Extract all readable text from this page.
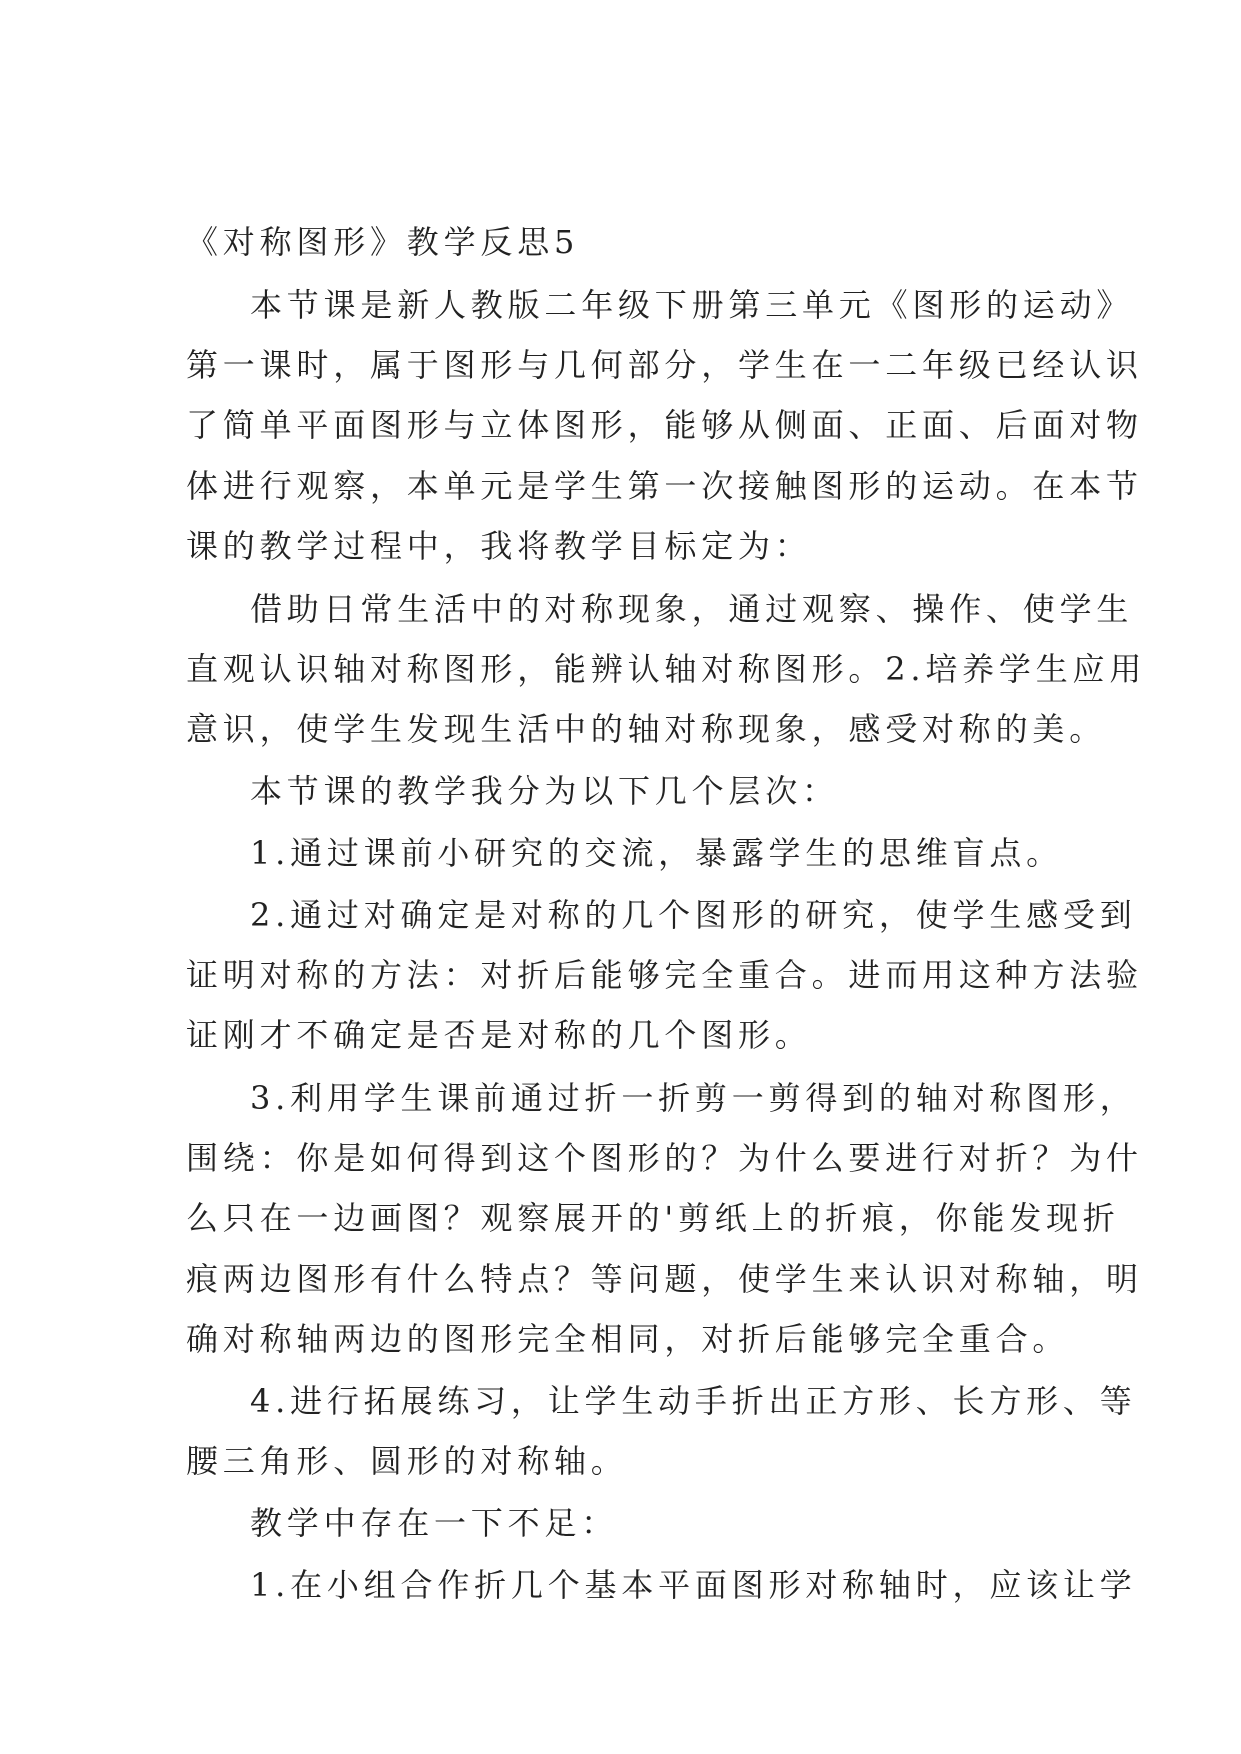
《对称图形》教学反思5
本节课是新人教版二年级下册第三单元《图形的运动》
第一课时，属于图形与几何部分，学生在一二年级已经认识
了简单平面图形与立体图形，能够从侧面、正面、后面对物
体进行观察，本单元是学生第一次接触图形的运动。在本节
课的教学过程中，我将教学目标定为：
借助日常生活中的对称现象，通过观察、操作、使学生
直观认识轴对称图形，能辨认轴对称图形。2.培养学生应用
意识，使学生发现生活中的轴对称现象，感受对称的美。
本节课的教学我分为以下几个层次：
1.通过课前小研究的交流，暴露学生的思维盲点。
2.通过对确定是对称的几个图形的研究，使学生感受到
证明对称的方法：对折后能够完全重合。进而用这种方法验
证刚才不确定是否是对称的几个图形。
3.利用学生课前通过折一折剪一剪得到的轴对称图形，
围绕：你是如何得到这个图形的？为什么要进行对折？为什
么只在一边画图？观察展开的'剪纸上的折痕，你能发现折
痕两边图形有什么特点？等问题，使学生来认识对称轴，明
确对称轴两边的图形完全相同，对折后能够完全重合。
4.进行拓展练习，让学生动手折出正方形、长方形、等
腰三角形、圆形的对称轴。
教学中存在一下不足：
1.在小组合作折几个基本平面图形对称轴时，应该让学
